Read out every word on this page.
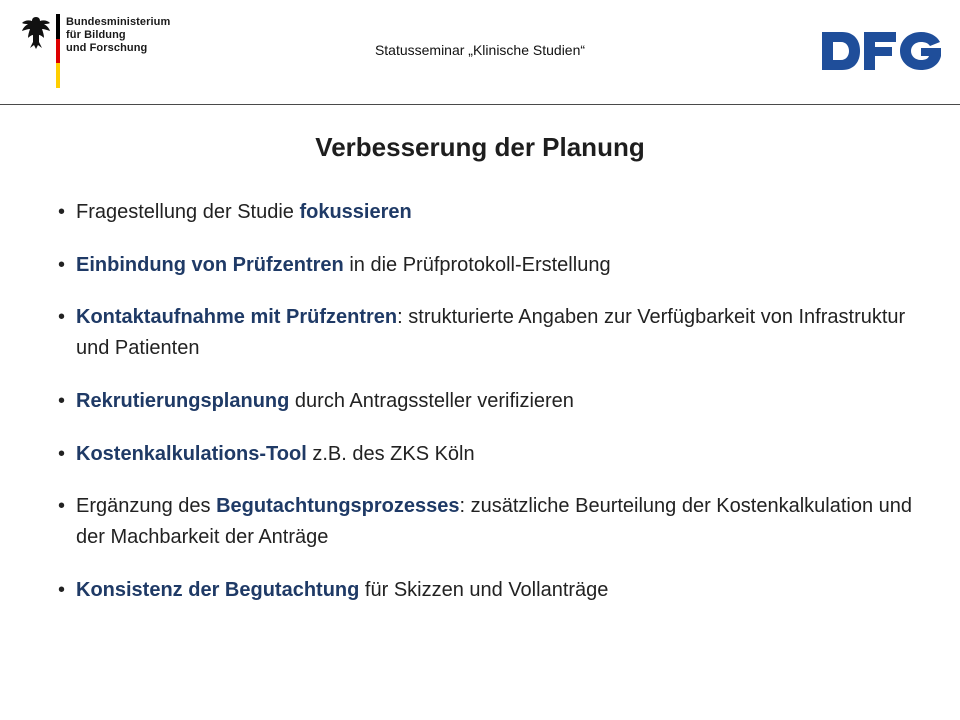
Bundesministerium
für Bildung
und Forschung	Statusseminar „Klinische Studien“
Verbesserung der Planung
• Fragestellung der Studie fokussieren
• Einbindung von Prüfzentren in die Prüfprotokoll-Erstellung
• Kontaktaufnahme mit Prüfzentren: strukturierte Angaben zur Verfügbarkeit von Infrastruktur und Patienten
• Rekrutierungsplanung durch Antragssteller verifizieren
• Kostenkalkulations-Tool z.B. des ZKS Köln
• Ergänzung des Begutachtungsprozesses: zusätzliche Beurteilung der Kostenkalkulation und der Machbarkeit der Anträge
• Konsistenz der Begutachtung für Skizzen und Vollanträge
